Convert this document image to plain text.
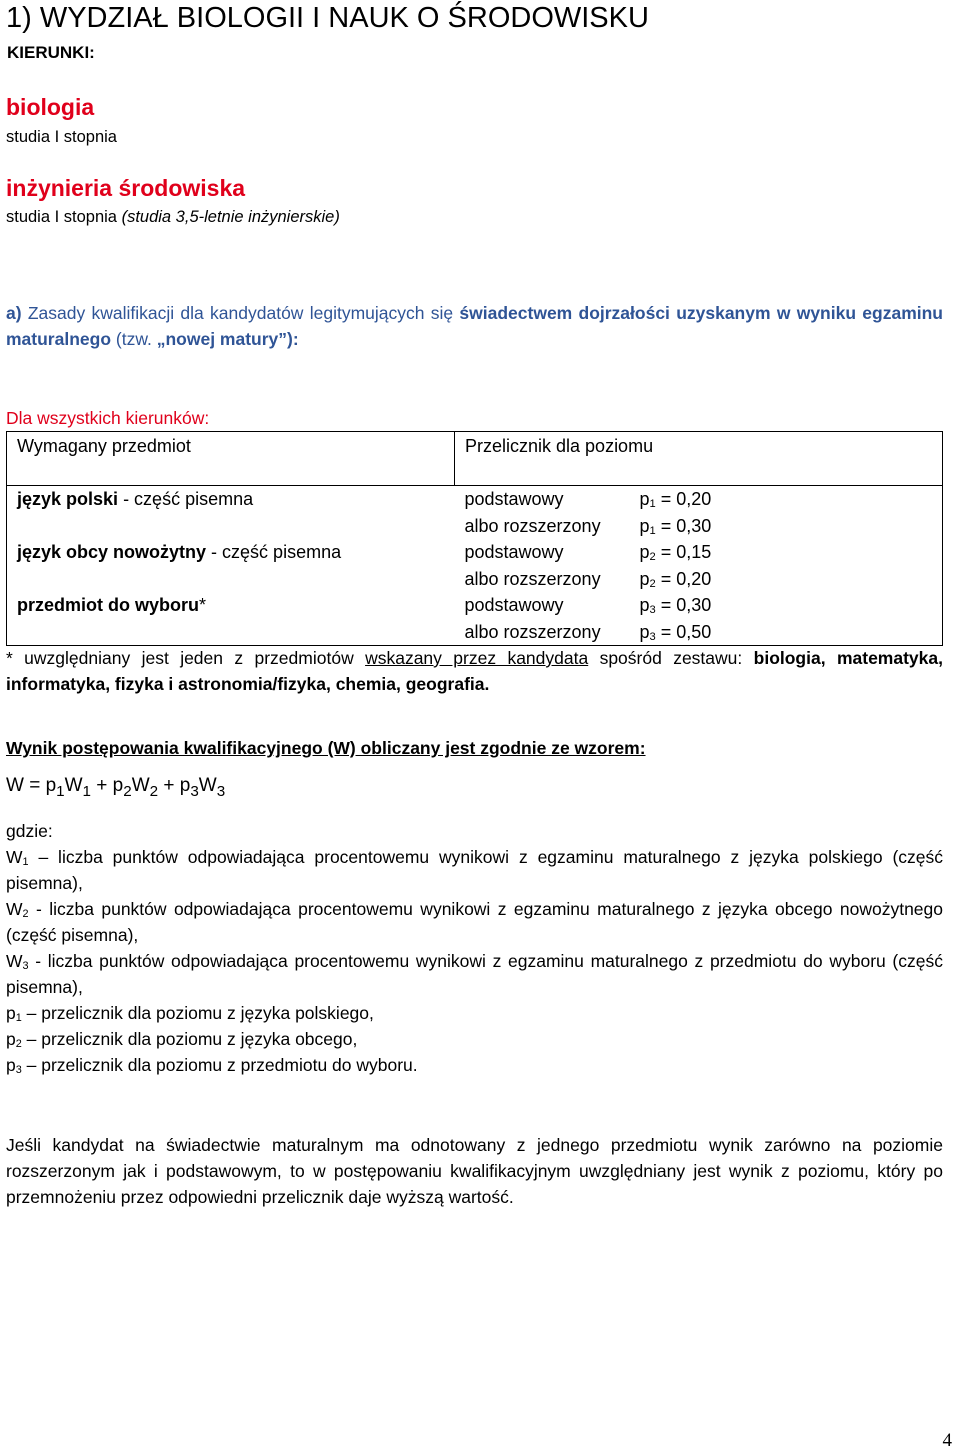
1) WYDZIAŁ BIOLOGII I NAUK O ŚRODOWISKU
KIERUNKI:
biologia
studia I stopnia
inżynieria środowiska
studia I stopnia (studia 3,5-letnie inżynierskie)
a) Zasady kwalifikacji dla kandydatów legitymujących się świadectwem dojrzałości uzyskanym w wyniku egzaminu maturalnego (tzw. „nowej matury”):
Dla wszystkich kierunków:
Wymagany przedmiot	Przelicznik dla poziomu	
język polski - część pisemna	podstawowy	$p_1 = 0,20$
	albo rozszerzony	$p_1 = 0,30$
język obcy nowożytny - część pisemna	podstawowy	$p_2 = 0,15$
	albo rozszerzony	$p_2 = 0,20$
przedmiot do wyboru*	podstawowy	$p_3 = 0,30$
	albo rozszerzony	$p_3 = 0,50$
* uwzględniany jest jeden z przedmiotów wskazany przez kandydata spośród zestawu: biologia, matematyka, informatyka, fizyka i astronomia/fizyka, chemia, geografia.
Wynik postępowania kwalifikacyjnego (W) obliczany jest zgodnie ze wzorem:
$W = p_1W_1 + p_2W_2 + p_3W_3$
gdzie:
$W_1$ – liczba punktów odpowiadająca procentowemu wynikowi z egzaminu maturalnego z języka polskiego (część pisemna),
$W_2$ - liczba punktów odpowiadająca procentowemu wynikowi z egzaminu maturalnego z języka obcego nowożytnego (część pisemna),
$W_3$ - liczba punktów odpowiadająca procentowemu wynikowi z egzaminu maturalnego z przedmiotu do wyboru (część pisemna),
$p_1$ – przelicznik dla poziomu z języka polskiego,
$p_2$ – przelicznik dla poziomu z języka obcego,
$p_3$ – przelicznik dla poziomu z przedmiotu do wyboru.
Jeśli kandydat na świadectwie maturalnym ma odnotowany z jednego przedmiotu wynik zarówno na poziomie rozszerzonym jak i podstawowym, to w postępowaniu kwalifikacyjnym uwzględniany jest wynik z poziomu, który po przemnożeniu przez odpowiedni przelicznik daje wyższą wartość.
4
